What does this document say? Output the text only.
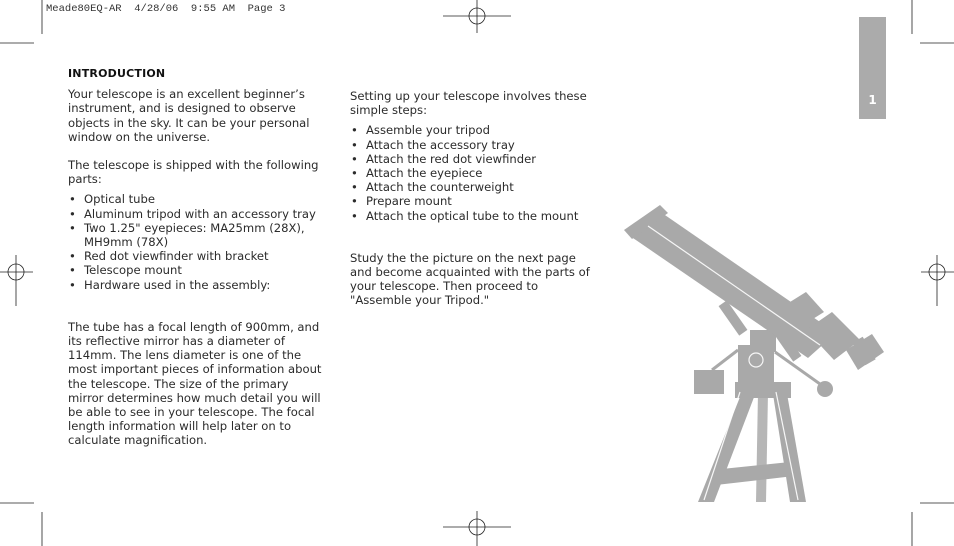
Meade80EQ-AR  4/28/06  9:55 AM  Page 3

INTRODUCTION

Your telescope is an excellent beginner’s instrument, and is designed to observe objects in the sky. It can be your personal window on the universe.

The telescope is shipped with the following parts:

• Optical tube
• Aluminum tripod with an accessory tray
• Two 1.25" eyepieces: MA25mm (28X), MH9mm (78X)
• Red dot viewfinder with bracket
• Telescope mount
• Hardware used in the assembly:

The tube has a focal length of 900mm, and its reflective mirror has a diameter of 114mm. The lens diameter is one of the most important pieces of information about the telescope. The size of the primary mirror determines how much detail you will be able to see in your telescope. The focal length information will help later on to calculate magnification.

Setting up your telescope involves these simple steps:

• Assemble your tripod
• Attach the accessory tray
• Attach the red dot viewfinder
• Attach the eyepiece
• Attach the counterweight
• Prepare mount
• Attach the optical tube to the mount

Study the the picture on the next page and become acquainted with the parts of your telescope. Then proceed to "Assemble your Tripod."

1
